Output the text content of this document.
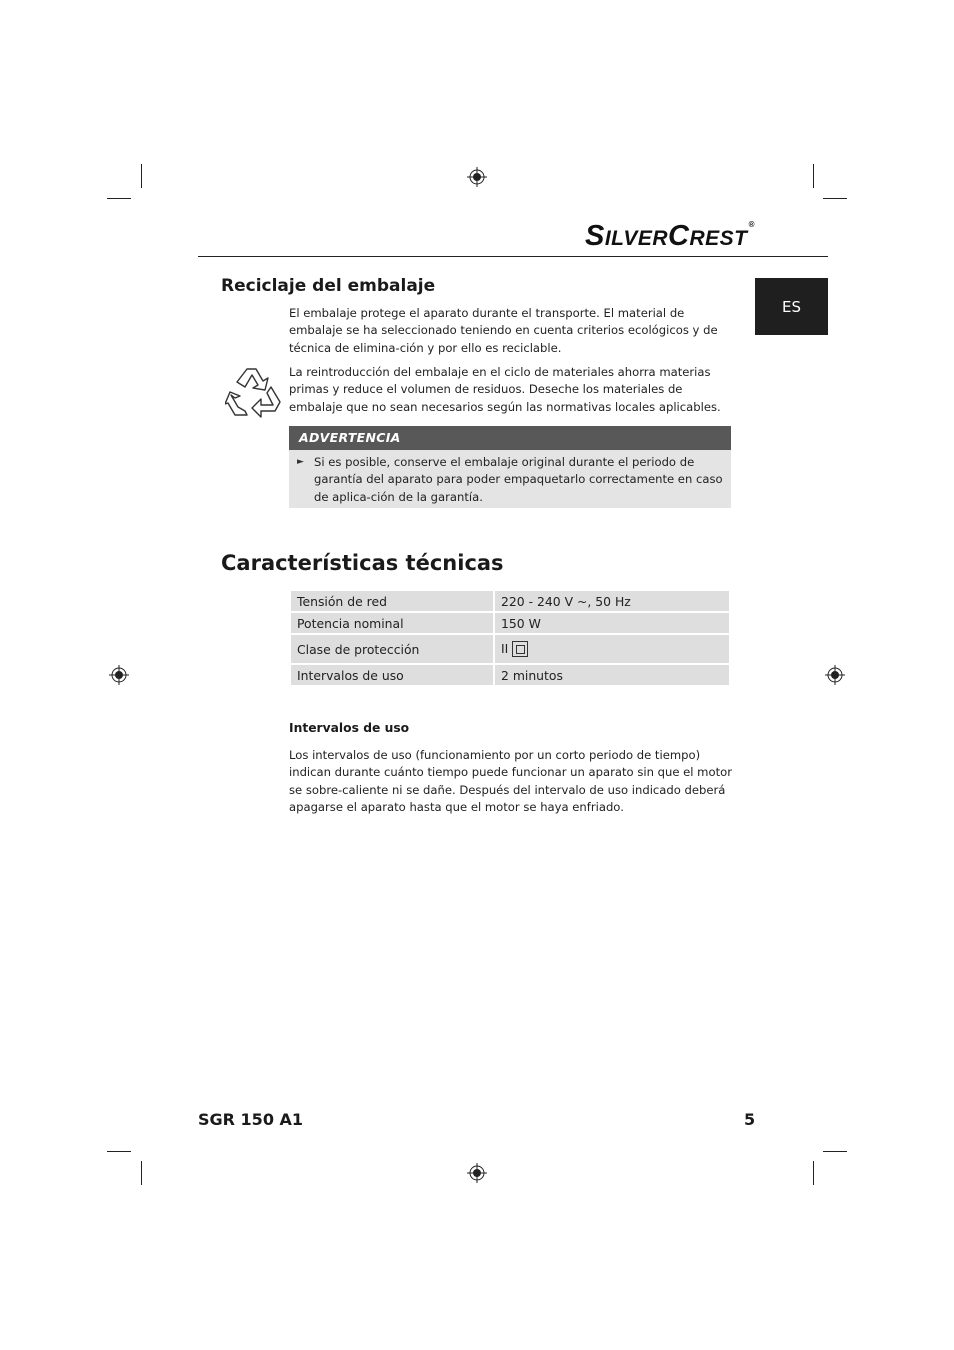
SILVERCREST®
ES
Reciclaje del embalaje

El embalaje protege el aparato durante el transporte. El material de embalaje se ha seleccionado teniendo en cuenta criterios ecológicos y de técnica de elimina-ción y por ello es reciclable.

La reintroducción del embalaje en el ciclo de materiales ahorra materias primas y reduce el volumen de residuos. Deseche los materiales de embalaje que no sean necesarios según las normativas locales aplicables.

ADVERTENCIA
► Si es posible, conserve el embalaje original durante el periodo de garantía del aparato para poder empaquetarlo correctamente en caso de aplica-ción de la garantía.
Características técnicas
Tensión de red	220 - 240 V ~, 50 Hz
Potencia nominal	150 W
Clase de protección	II
Intervalos de uso	2 minutos
Intervalos de uso

Los intervalos de uso (funcionamiento por un corto periodo de tiempo) indican durante cuánto tiempo puede funcionar un aparato sin que el motor se sobre-caliente ni se dañe. Después del intervalo de uso indicado deberá apagarse el aparato hasta que el motor se haya enfriado.

SGR 150 A1	5
